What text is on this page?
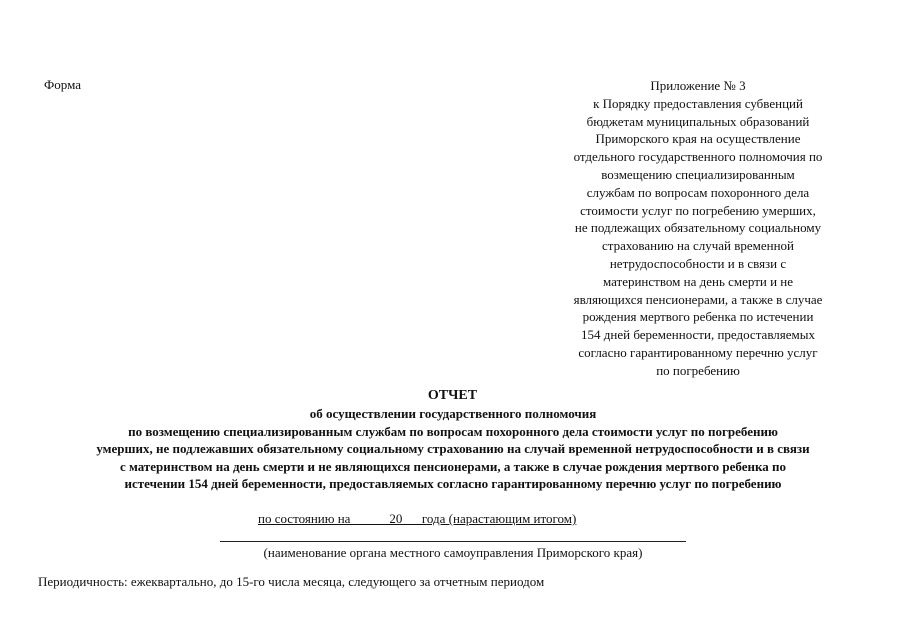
Форма	Приложение № 3
к Порядку предоставления субвенций
бюджетам муниципальных образований
Приморского края на осуществление
отдельного государственного полномочия по
возмещению специализированным
службам по вопросам похоронного дела
стоимости услуг по погребению умерших,
не подлежащих обязательному социальному
страхованию на случай временной
нетрудоспособности и в связи с
материнством на день смерти и не
являющихся пенсионерами, а также в случае
рождения мертвого ребенка по истечении
154 дней беременности, предоставляемых
согласно гарантированному перечню услуг
по погребению
ОТЧЕТ
об осуществлении государственного полномочия
по возмещению специализированным службам по вопросам похоронного дела стоимости услуг по погребению
умерших, не подлежавших обязательному социальному страхованию на случай временной нетрудоспособности и в связи
с материнством на день смерти и не являющихся пенсионерами, а также в случае рождения мертвого ребенка по
истечении 154 дней беременности, предоставляемых согласно гарантированному перечню услуг по погребению
по состоянию на            20      года (нарастающим итогом)
(наименование органа местного самоуправления Приморского края)
Периодичность: ежеквартально, до 15-го числа месяца, следующего за отчетным периодом
